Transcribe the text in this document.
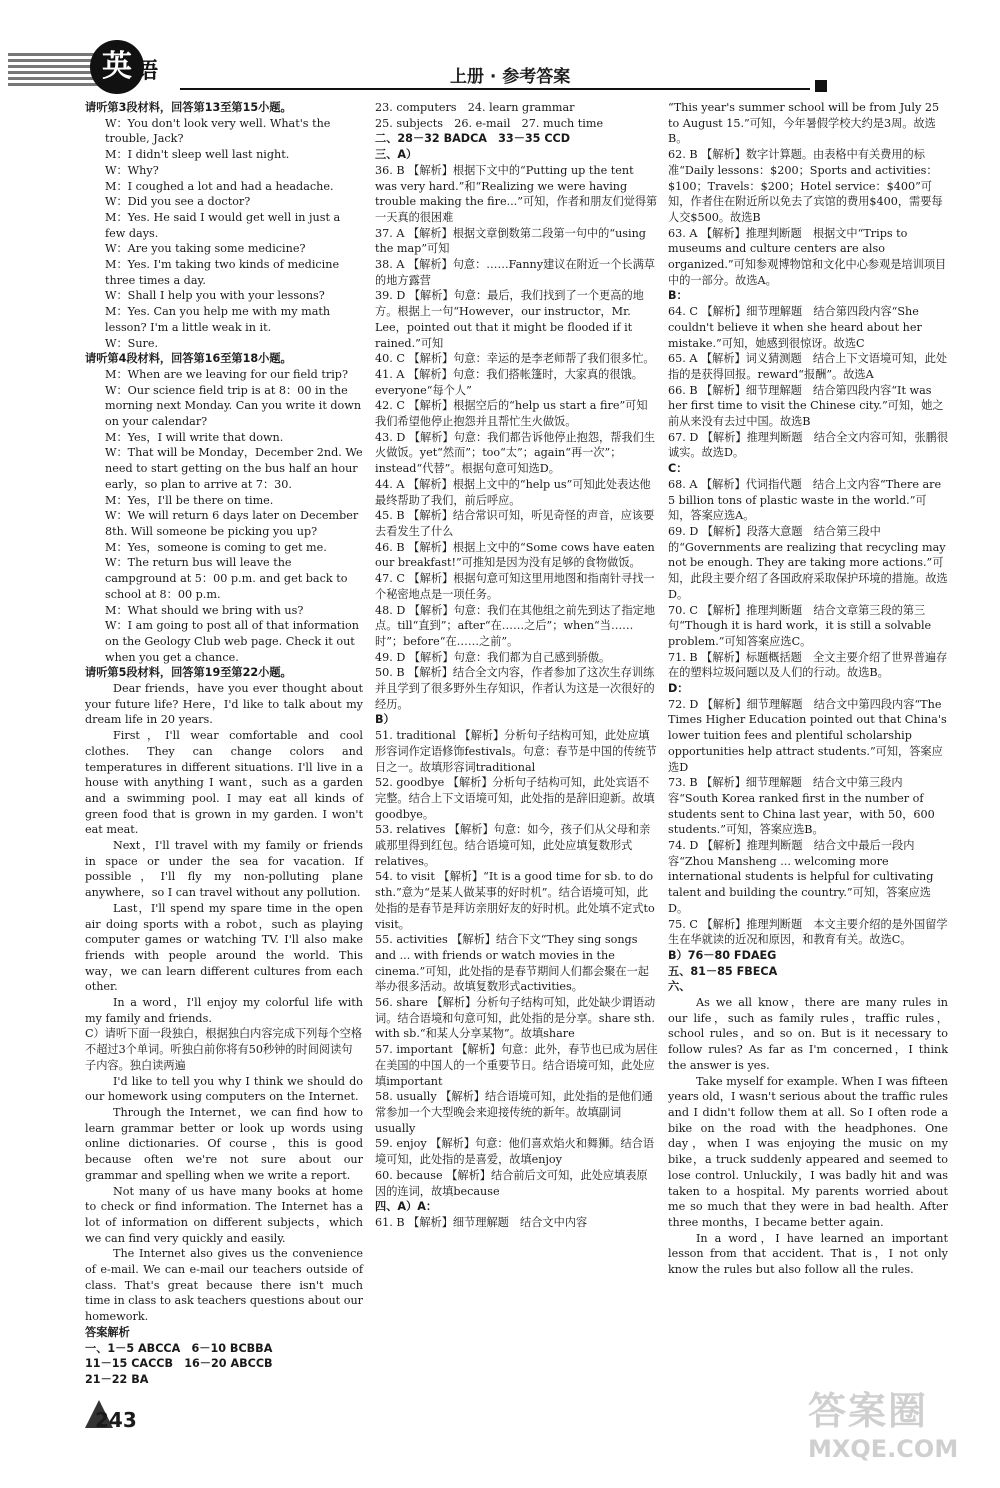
英 语	上册 · 参考答案

请听第3段材料，回答第13至第15小题。

W：You don't look very well. What's the trouble, Jack?

M：I didn't sleep well last night.

W：Why?

M：I coughed a lot and had a headache.

W：Did you see a doctor?

M：Yes. He said I would get well in just a few days.

W：Are you taking some medicine?

M：Yes. I'm taking two kinds of medicine three times a day.

W：Shall I help you with your lessons?

M：Yes. Can you help me with my math lesson? I'm a little weak in it.

W：Sure.

请听第4段材料，回答第16至第18小题。

M：When are we leaving for our field trip?

W：Our science field trip is at 8：00 in the morning next Monday. Can you write it down on your calendar?

M：Yes，I will write that down.

W：That will be Monday，December 2nd. We need to start getting on the bus half an hour early，so plan to arrive at 7：30.

M：Yes，I'll be there on time.

W：We will return 6 days later on December 8th. Will someone be picking you up?

M：Yes，someone is coming to get me.

W：The return bus will leave the campground at 5：00 p.m. and get back to school at 8：00 p.m.

M：What should we bring with us?

W：I am going to post all of that information on the Geology Club web page. Check it out when you get a chance.

请听第5段材料，回答第19至第22小题。

Dear friends，have you ever thought about your future life? Here，I'd like to talk about my dream life in 20 years.

First，I'll wear comfortable and cool clothes. They can change colors and temperatures in different situations. I'll live in a house with anything I want，such as a garden and a swimming pool. I may eat all kinds of green food that is grown in my garden. I won't eat meat.

Next，I'll travel with my family or friends in space or under the sea for vacation. If possible，I'll fly my non-polluting plane anywhere，so I can travel without any pollution.

Last，I'll spend my spare time in the open air doing sports with a robot，such as playing computer games or watching TV. I'll also make friends with people around the world. This way，we can learn different cultures from each other.

In a word，I'll enjoy my colorful life with my family and friends.

C）请听下面一段独白，根据独白内容完成下列每个空格不超过3个单词。听独白前你将有50秒钟的时间阅读句子内容。独白读两遍

I'd like to tell you why I think we should do our homework using computers on the Internet.

Through the Internet，we can find how to learn grammar better or look up words using online dictionaries. Of course，this is good because often we're not sure about our grammar and spelling when we write a report.

Not many of us have many books at home to check or find information. The Internet has a lot of information on different subjects，which we can find very quickly and easily.

The Internet also gives us the convenience of e-mail. We can e-mail our teachers outside of class. That's great because there isn't much time in class to ask teachers questions about our homework.

答案解析

一、1－5 ABCCA　6－10 BCBBA

11－15 CACCB　16－20 ABCCB

21－22 BA

23. computers　24. learn grammar

25. subjects　26. e-mail　27. much time

二、28－32 BADCA　33－35 CCD

三、A）

36. B 【解析】根据下文中的“Putting up the tent was very hard.”和“Realizing we were having trouble making the fire...”可知，作者和朋友们觉得第一天真的很困难

37. A 【解析】根据文章倒数第二段第一句中的“using the map”可知

38. A 【解析】句意：……Fanny建议在附近一个长满草的地方露营

39. D 【解析】句意：最后，我们找到了一个更高的地方。根据上一句“However，our instructor，Mr. Lee，pointed out that it might be flooded if it rained.”可知

40. C 【解析】句意：幸运的是李老师帮了我们很多忙。

41. A 【解析】句意：我们搭帐篷时，大家真的很饿。everyone“每个人”

42. C 【解析】根据空后的“help us start a fire”可知我们希望他停止抱怨并且帮忙生火做饭。

43. D 【解析】句意：我们都告诉他停止抱怨，帮我们生火做饭。yet“然而”；too“太”；again“再一次”；instead“代替”。根据句意可知选D。

44. A 【解析】根据上文中的“help us”可知此处表达他最终帮助了我们，前后呼应。

45. B 【解析】结合常识可知，听见奇怪的声音，应该要去看发生了什么

46. B 【解析】根据上文中的“Some cows have eaten our breakfast!”可推知是因为没有足够的食物做饭。

47. C 【解析】根据句意可知这里用地图和指南针寻找一个秘密地点是一项任务。

48. D 【解析】句意：我们在其他组之前先到达了指定地点。till“直到”；after“在……之后”；when“当……时”；before“在……之前”。

49. D 【解析】句意：我们都为自己感到骄傲。

50. B 【解析】结合全文内容，作者参加了这次生存训练并且学到了很多野外生存知识，作者认为这是一次很好的经历。

B）

51. traditional 【解析】分析句子结构可知，此处应填形容词作定语修饰festivals。句意：春节是中国的传统节日之一。故填形容词traditional

52. goodbye 【解析】分析句子结构可知，此处宾语不完整。结合上下文语境可知，此处指的是辞旧迎新。故填goodbye。

53. relatives 【解析】句意：如今，孩子们从父母和亲戚那里得到红包。结合语境可知，此处应填复数形式relatives。

54. to visit 【解析】“It is a good time for sb. to do sth.”意为“是某人做某事的好时机”。结合语境可知，此处指的是春节是拜访亲朋好友的好时机。此处填不定式to visit。

55. activities 【解析】结合下文“They sing songs and ... with friends or watch movies in the cinema.”可知，此处指的是春节期间人们都会聚在一起举办很多活动。故填复数形式activities。

56. share 【解析】分析句子结构可知，此处缺少谓语动词。结合语境和句意可知，此处指的是分享。share sth. with sb.“和某人分享某物”。故填share

57. important 【解析】句意：此外，春节也已成为居住在美国的中国人的一个重要节日。结合语境可知，此处应填important

58. usually 【解析】结合语境可知，此处指的是他们通常参加一个大型晚会来迎接传统的新年。故填副词usually

59. enjoy 【解析】句意：他们喜欢焰火和舞狮。结合语境可知，此处指的是喜爱，故填enjoy

60. because 【解析】结合前后文可知，此处应填表原因的连词，故填because

四、A）A：

61. B 【解析】细节理解题　结合文中内容

“This year's summer school will be from July 25 to August 15.”可知，今年暑假学校大约是3周。故选B。

62. B 【解析】数字计算题。由表格中有关费用的标准“Daily lessons：$200；Sports and activities：$100；Travels：$200；Hotel service：$400”可知，作者住在附近所以免去了宾馆的费用$400，需要每人交$500。故选B

63. A 【解析】推理判断题　根据文中“Trips to museums and culture centers are also organized.”可知参观博物馆和文化中心参观是培训项目中的一部分。故选A。

B：

64. C 【解析】细节理解题　结合第四段内容“She couldn't believe it when she heard about her mistake.”可知，她感到很惊讶。故选C

65. A 【解析】词义猜测题　结合上下文语境可知，此处指的是获得回报。reward“报酬”。故选A

66. B 【解析】细节理解题　结合第四段内容“It was her first time to visit the Chinese city.”可知，她之前从来没有去过中国。故选B

67. D 【解析】推理判断题　结合全文内容可知，张鹏很诚实。故选D。

C：

68. A 【解析】代词指代题　结合上文内容“There are 5 billion tons of plastic waste in the world.”可知，答案应选A。

69. D 【解析】段落大意题　结合第三段中的“Governments are realizing that recycling may not be enough. They are taking more actions.”可知，此段主要介绍了各国政府采取保护环境的措施。故选D。

70. C 【解析】推理判断题　结合文章第三段的第三句“Though it is hard work，it is still a solvable problem.”可知答案应选C。

71. B 【解析】标题概括题　全文主要介绍了世界普遍存在的塑料垃圾问题以及人们的行动。故选B。

D：

72. D 【解析】细节理解题　结合文中第四段内容“The Times Higher Education pointed out that China's lower tuition fees and plentiful scholarship opportunities help attract students.”可知，答案应选D

73. B 【解析】细节理解题　结合文中第三段内容“South Korea ranked first in the number of students sent to China last year，with 50，600 students.”可知，答案应选B。

74. D 【解析】推理判断题　结合文中最后一段内容“Zhou Mansheng ... welcoming more international students is helpful for cultivating talent and building the country.”可知，答案应选D。

75. C 【解析】推理判断题　本文主要介绍的是外国留学生在华就读的近况和原因，和教育有关。故选C。

B）76－80 FDAEG

五、81－85 FBECA

六、

As we all know，there are many rules in our life，such as family rules，traffic rules，school rules，and so on. But is it necessary to follow rules? As far as I'm concerned，I think the answer is yes.

Take myself for example. When I was fifteen years old，I wasn't serious about the traffic rules and I didn't follow them at all. So I often rode a bike on the road with the headphones. One day，when I was enjoying the music on my bike，a truck suddenly appeared and seemed to lose control. Unluckily，I was badly hit and was taken to a hospital. My parents worried about me so much that they were in bad health. After three months，I became better again.

In a word，I have learned an important lesson from that accident. That is，I not only know the rules but also follow all the rules.

243	答案圈
MXQE.COM
